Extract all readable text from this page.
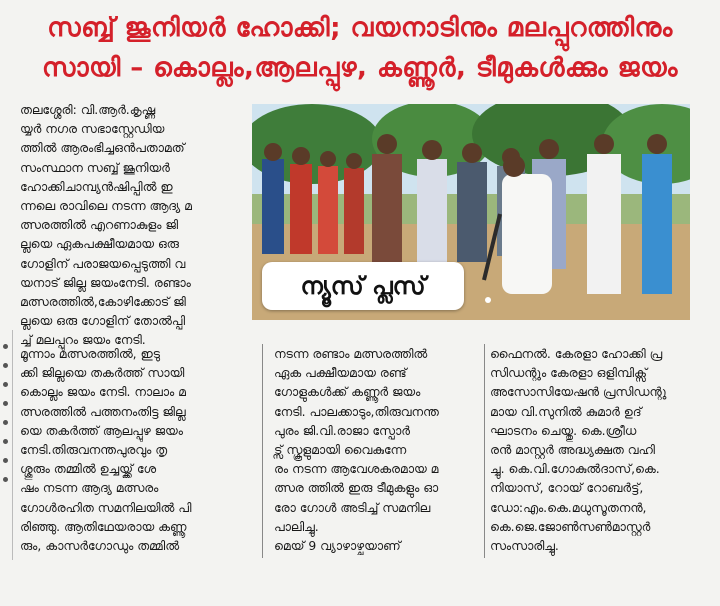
സബ്ബ് ജൂനിയർ ഹോക്കി; വയനാടിനും മലപ്പുറത്തിനും
സായി – കൊല്ലം,ആലപ്പുഴ, കണ്ണൂർ, ടീമുകൾക്കും ജയം
തലശ്ശേരി: വി.ആർ.കൃഷ്ണ
യ്യർ നഗര സഭാസ്റ്റേഡിയ
ത്തിൽ ആരംഭിച്ചഒൻപതാമത്
സംസ്ഥാന സബ്ബ് ജൂനിയർ
ഹോക്കിചാമ്പ്യൻഷിപ്പിൽ ഇ
ന്നലെ രാവിലെ നടന്ന ആദ്യ മ
ത്സരത്തിൽ എറണാകുളം ജി
ല്ലയെ ഏകപക്ഷീയമായ ഒരു
ഗോളിന് പരാജയപ്പെടുത്തി വ
യനാട് ജില്ല ജയംനേടി. രണ്ടാം
മത്സരത്തിൽ,കോഴിക്കോട് ജി
ല്ലയെ ഒരു ഗോളിന് തോൽപ്പി
ച്ച് മലപ്പുറം ജയം നേടി.
ന്യൂസ് പ്ലസ്
മൂന്നാം മത്സരത്തിൽ, ഇടു
ക്കി ജില്ലയെ തകർത്ത് സായി
കൊല്ലം ജയം നേടി. നാലാം മ
ത്സരത്തിൽ പത്തനംതിട്ട ജില്ല
യെ തകർത്ത് ആലപ്പുഴ ജയം
നേടി.തിരുവനന്തപുരവും തൃ
ശ്ശൂരും തമ്മിൽ ഉച്ചയ്ക്ക് ശേ
ഷം നടന്ന ആദ്യ മത്സരം
ഗോൾരഹിത സമനിലയിൽ പി
രിഞ്ഞു. ആതിഥേയരായ കണ്ണൂ
രും, കാസർഗോഡും തമ്മിൽ
നടന്ന രണ്ടാം മത്സരത്തിൽ
ഏക പക്ഷീയമായ രണ്ട്
ഗോളുകൾക്ക് കണ്ണൂർ ജയം
നേടി. പാലക്കാടും,തിരുവനന്ത
പുരം ജി.വി.രാജാ സ്പോർ
ട്സ് സ്കൂളുമായി വൈകുന്നേ
രം നടന്ന ആവേശകരമായ മ
ത്സര ത്തിൽ ഇരു ടീമുകളും ഓ
രോ ഗോൾ അടിച്ച് സമനില
പാലിച്ചു.
മെയ് 9 വ്യാഴാഴ്ചയാണ്
ഫൈനൽ. കേരളാ ഹോക്കി പ്ര
സിഡന്റും കേരളാ ഒളിമ്പിക്സ്
അസോസിയേഷൻ പ്രസിഡന്റു
മായ വി.സുനിൽ കുമാർ ഉദ്
ഘാടനം ചെയ്തു. കെ.ശ്രീധ
രൻ മാസ്റ്റർ അദ്ധ്യക്ഷത വഹി
ച്ചു. കെ.വി.ഗോകുൽദാസ്,കെ.
നിയാസ്, റോയ് റോബർട്ട്,
ഡോ:എം.കെ.മധുസൂതനൻ,
കെ.ജെ.ജോൺസൺമാസ്റ്റർ
സംസാരിച്ചു.
